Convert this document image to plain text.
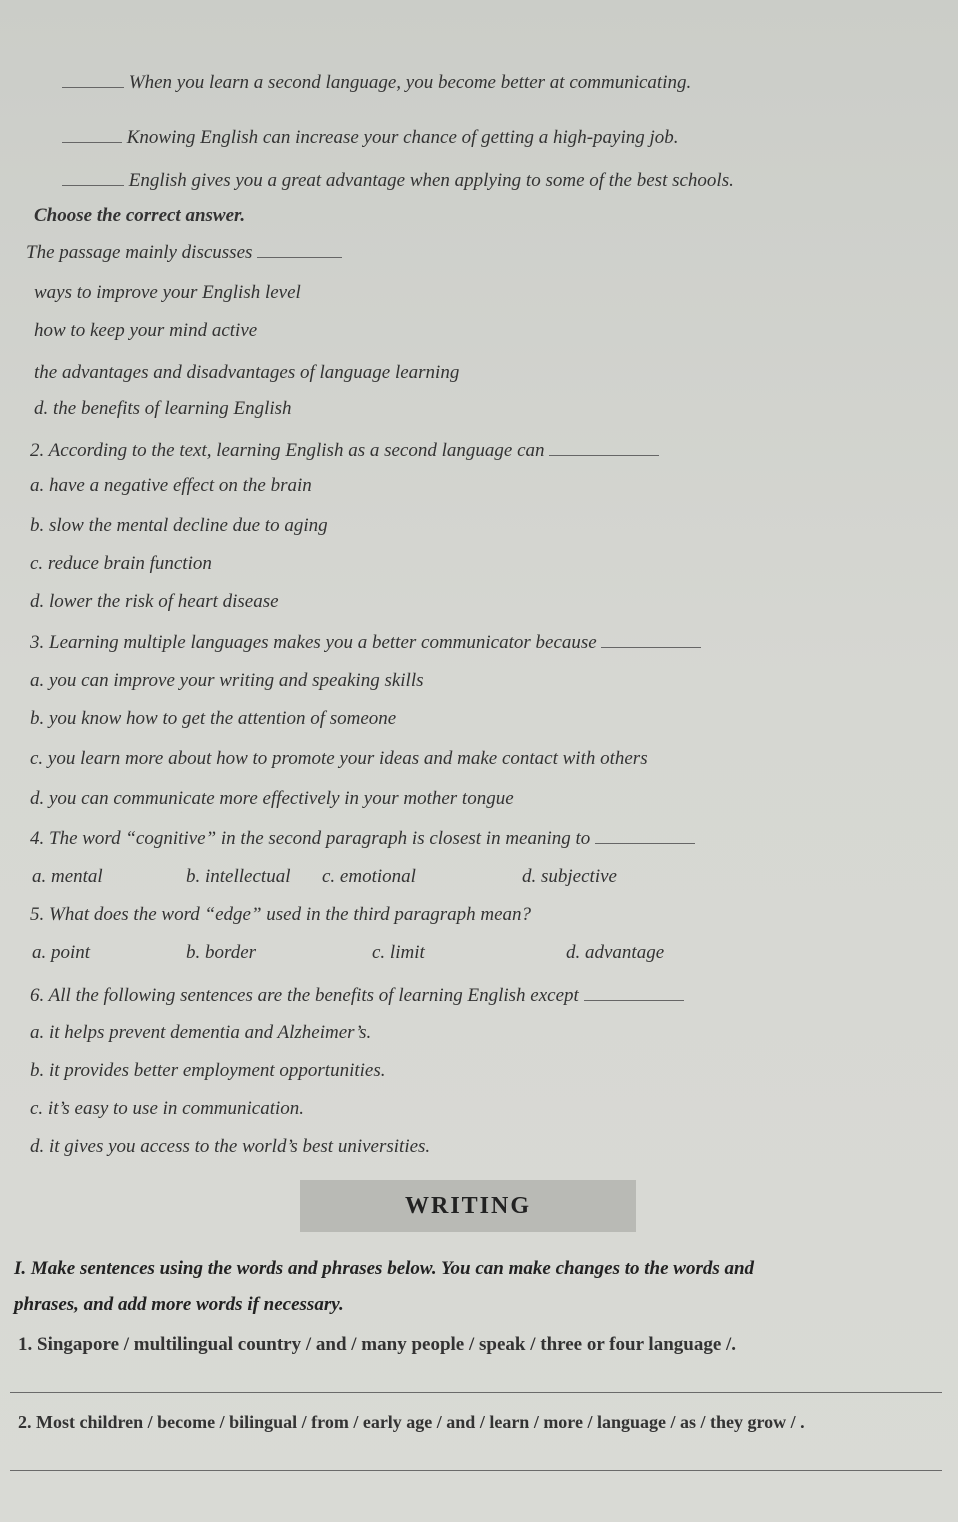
When you learn a second language, you become better at communicating.
Knowing English can increase your chance of getting a high-paying job.
English gives you a great advantage when applying to some of the best schools.
Choose the correct answer.
The passage mainly discusses
ways to improve your English level
how to keep your mind active
the advantages and disadvantages of language learning
d. the benefits of learning English
2. According to the text, learning English as a second language can
a. have a negative effect on the brain
b. slow the mental decline due to aging
c. reduce brain function
d. lower the risk of heart disease
3. Learning multiple languages makes you a better communicator because
a. you can improve your writing and speaking skills
b. you know how to get the attention of someone
c. you learn more about how to promote your ideas and make contact with others
d. you can communicate more effectively in your mother tongue
4. The word “cognitive” in the second paragraph is closest in meaning to
a. mental	b. intellectual c. emotional	d. subjective
5. What does the word “edge” used in the third paragraph mean?
a. point	b. border	c. limit	d. advantage
6. All the following sentences are the benefits of learning English except
a. it helps prevent dementia and Alzheimer’s.
b. it provides better employment opportunities.
c. it’s easy to use in communication.
d. it gives you access to the world’s best universities.
WRITING
I. Make sentences using the words and phrases below. You can make changes to the words and
phrases, and add more words if necessary.
1. Singapore / multilingual country / and / many people / speak / three or four language /.
2. Most children / become / bilingual / from / early age / and / learn / more / language / as / they grow / .
